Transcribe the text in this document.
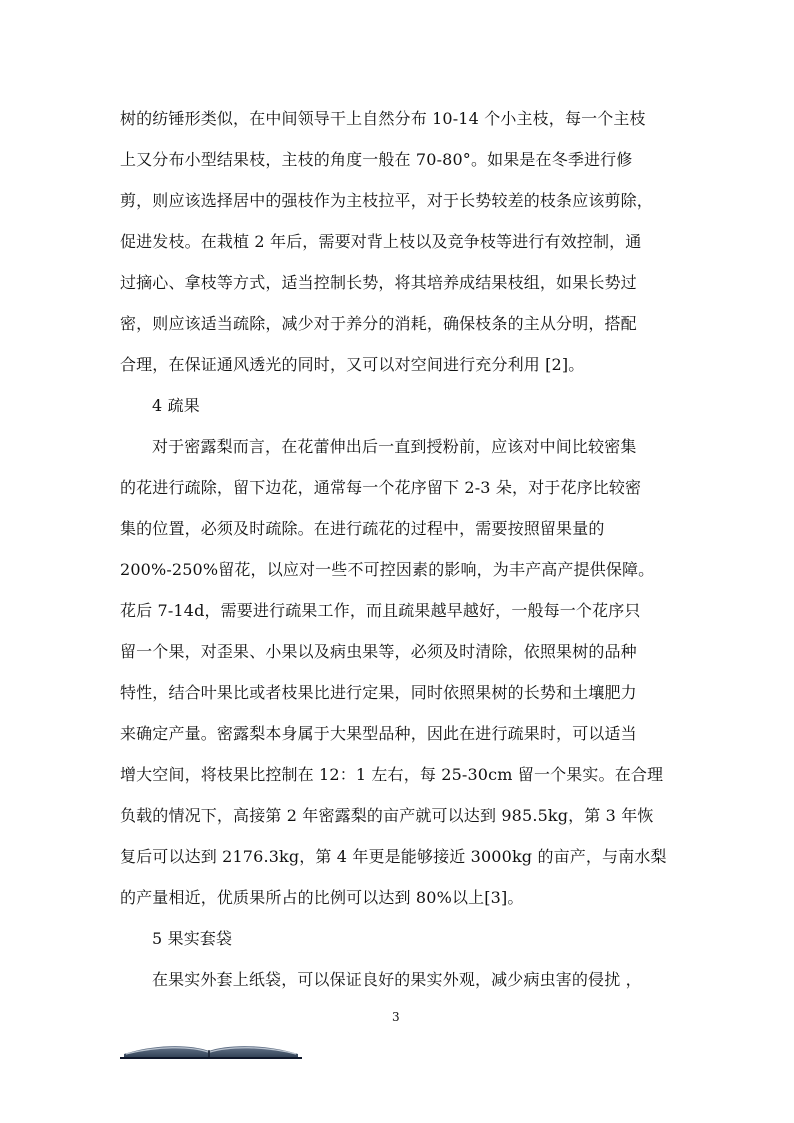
树的纺锤形类似，在中间领导干上自然分布 10-14 个小主枝，每一个主枝
上又分布小型结果枝，主枝的角度一般在 70-80°。如果是在冬季进行修
剪，则应该选择居中的强枝作为主枝拉平，对于长势较差的枝条应该剪除，
促进发枝。在栽植 2 年后，需要对背上枝以及竞争枝等进行有效控制，通
过摘心、拿枝等方式，适当控制长势，将其培养成结果枝组，如果长势过
密，则应该适当疏除，减少对于养分的消耗，确保枝条的主从分明，搭配
合理，在保证通风透光的同时，又可以对空间进行充分利用 [2]。
4 疏果
对于密露梨而言，在花蕾伸出后一直到授粉前，应该对中间比较密集
的花进行疏除，留下边花，通常每一个花序留下 2-3 朵，对于花序比较密
集的位置，必须及时疏除。在进行疏花的过程中，需要按照留果量的
200%-250%留花，以应对一些不可控因素的影响，为丰产高产提供保障。
花后 7-14d，需要进行疏果工作，而且疏果越早越好，一般每一个花序只
留一个果，对歪果、小果以及病虫果等，必须及时清除，依照果树的品种
特性，结合叶果比或者枝果比进行定果，同时依照果树的长势和土壤肥力
来确定产量。密露梨本身属于大果型品种，因此在进行疏果时，可以适当
增大空间，将枝果比控制在 12：1 左右，每 25-30cm 留一个果实。在合理
负载的情况下，高接第 2 年密露梨的亩产就可以达到 985.5kg，第 3 年恢
复后可以达到 2176.3kg，第 4 年更是能够接近 3000kg 的亩产，与南水梨
的产量相近，优质果所占的比例可以达到 80%以上[3]。
5 果实套袋
在果实外套上纸袋，可以保证良好的果实外观，减少病虫害的侵扰 ，
3
